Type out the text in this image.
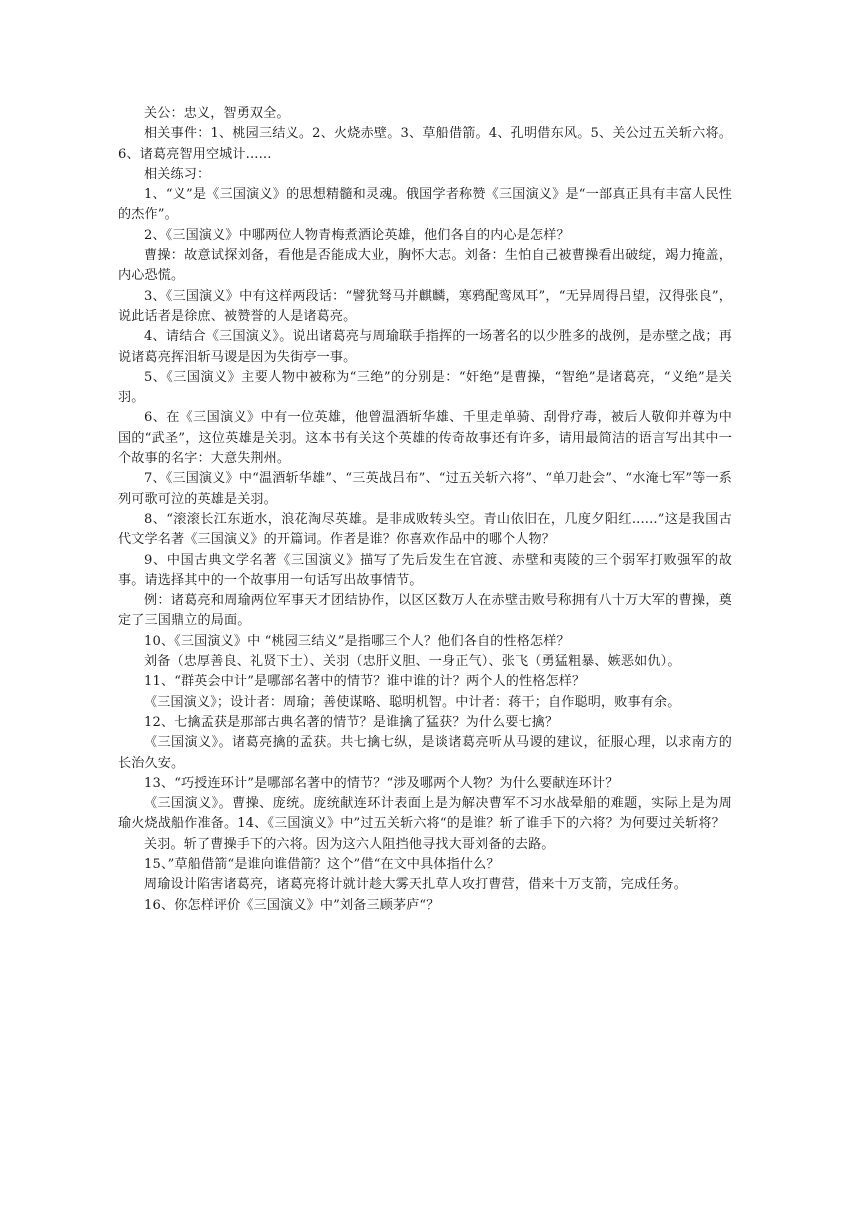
关公：忠义，智勇双全。

相关事件：1、桃园三结义。2、火烧赤壁。3、草船借箭。4、孔明借东风。5、关公过五关斩六将。6、诸葛亮智用空城计......

相关练习：

1、“义”是《三国演义》的思想精髓和灵魂。俄国学者称赞《三国演义》是“一部真正具有丰富人民性的杰作”。

2、《三国演义》中哪两位人物青梅煮酒论英雄，他们各自的内心是怎样？

曹操：故意试探刘备，看他是否能成大业，胸怀大志。刘备：生怕自己被曹操看出破绽，竭力掩盖，内心恐慌。

3、《三国演义》中有这样两段话：“譬犹驽马并麒麟，寒鸦配鸾凤耳”，“无异周得吕望，汉得张良”，说此话者是徐庶、被赞誉的人是诸葛亮。

4、请结合《三国演义》。说出诸葛亮与周瑜联手指挥的一场著名的以少胜多的战例，是赤壁之战；再说诸葛亮挥泪斩马谡是因为失街亭一事。

5、《三国演义》主要人物中被称为“三绝”的分别是：“奸绝”是曹操，“智绝”是诸葛亮，“义绝”是关羽。

6、在《三国演义》中有一位英雄，他曾温酒斩华雄、千里走单骑、刮骨疗毒，被后人敬仰并尊为中国的“武圣”，这位英雄是关羽。这本书有关这个英雄的传奇故事还有许多，请用最简洁的语言写出其中一个故事的名字：大意失荆州。

7、《三国演义》中“温酒斩华雄”、“三英战吕布”、“过五关斩六将”、“单刀赴会”、“水淹七军”等一系列可歌可泣的英雄是关羽。

8、“滚滚长江东逝水，浪花淘尽英雄。是非成败转头空。青山依旧在，几度夕阳红......”这是我国古代文学名著《三国演义》的开篇词。作者是谁？你喜欢作品中的哪个人物？

9、中国古典文学名著《三国演义》描写了先后发生在官渡、赤壁和夷陵的三个弱军打败强军的故事。请选择其中的一个故事用一句话写出故事情节。

例：诸葛亮和周瑜两位军事天才团结协作，以区区数万人在赤壁击败号称拥有八十万大军的曹操，奠定了三国鼎立的局面。

10、《三国演义》中 “桃园三结义”是指哪三个人？他们各自的性格怎样？

刘备（忠厚善良、礼贤下士）、关羽（忠肝义胆、一身正气）、张飞（勇猛粗暴、嫉恶如仇）。

11、“群英会中计”是哪部名著中的情节？谁中谁的计？两个人的性格怎样？

《三国演义》；设计者：周瑜；善使谋略、聪明机智。中计者：蒋干；自作聪明，败事有余。

12、七擒孟获是那部古典名著的情节？是谁擒了猛获？为什么要七擒？

《三国演义》。诸葛亮擒的孟获。共七擒七纵，是谈诸葛亮听从马谡的建议，征服心理，以求南方的长治久安。

13、“巧授连环计”是哪部名著中的情节？“涉及哪两个人物？为什么要献连环计？

《三国演义》。曹操、庞统。庞统献连环计表面上是为解决曹军不习水战晕船的难题，实际上是为周瑜火烧战船作准备。14、《三国演义》中”过五关斩六将“的是谁？斩了谁手下的六将？为何要过关斩将？

关羽。斩了曹操手下的六将。因为这六人阻挡他寻找大哥刘备的去路。

15、”草船借箭“是谁向谁借箭？这个”借“在文中具体指什么？

周瑜设计陷害诸葛亮，诸葛亮将计就计趁大雾天扎草人攻打曹营，借来十万支箭，完成任务。

16、你怎样评价《三国演义》中”刘备三顾茅庐“？
